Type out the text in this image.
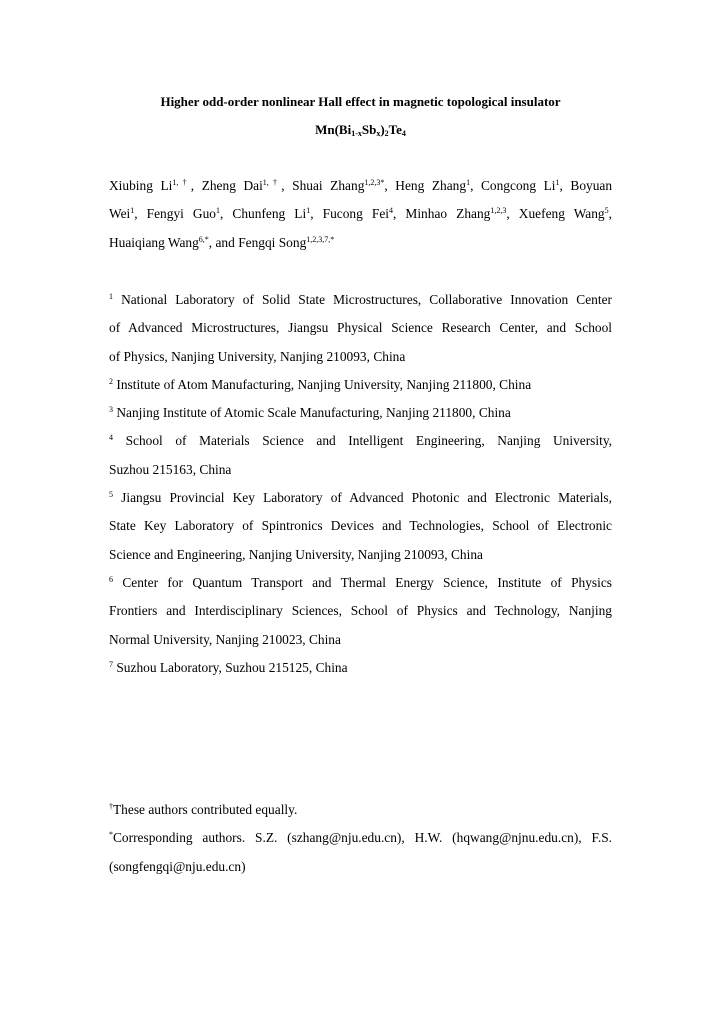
Higher odd-order nonlinear Hall effect in magnetic topological insulator
$Mn(Bi_{1-x}Sb_x)_2Te_4$
Xiubing $Li^{1,\dagger}$, Zheng Dai$^{1,\dagger}$, Shuai Zhang$^{1,2,3*}$, Heng Zhang$^1$, Congcong Li$^1$, Boyuan
Wei$^1$, Fengyi Guo$^1$, Chunfeng Li$^1$, Fucong Fei$^4$, Minhao Zhang$^{1,2,3}$, Xuefeng Wang$^5$,
Huaiqiang Wang$^{6,*}$, and Fengqi Song$^{1,2,3,7,*}$
$^1$ National Laboratory of Solid State Microstructures, Collaborative Innovation Center
of Advanced Microstructures, Jiangsu Physical Science Research Center, and School
of Physics, Nanjing University, Nanjing 210093, China
$^2$ Institute of Atom Manufacturing, Nanjing University, Nanjing 211800, China
$^3$ Nanjing Institute of Atomic Scale Manufacturing, Nanjing 211800, China
$^4$ School of Materials Science and Intelligent Engineering, Nanjing University,
Suzhou 215163, China
$^5$ Jiangsu Provincial Key Laboratory of Advanced Photonic and Electronic Materials,
State Key Laboratory of Spintronics Devices and Technologies, School of Electronic
Science and Engineering, Nanjing University, Nanjing 210093, China
$^6$ Center for Quantum Transport and Thermal Energy Science, Institute of Physics
Frontiers and Interdisciplinary Sciences, School of Physics and Technology, Nanjing
Normal University, Nanjing 210023, China
$^7$ Suzhou Laboratory, Suzhou 215125, China
†These authors contributed equally.
*Corresponding authors. S.Z. (szhang@nju.edu.cn), H.W. (hqwang@njnu.edu.cn), F.S.
(songfengqi@nju.edu.cn)
